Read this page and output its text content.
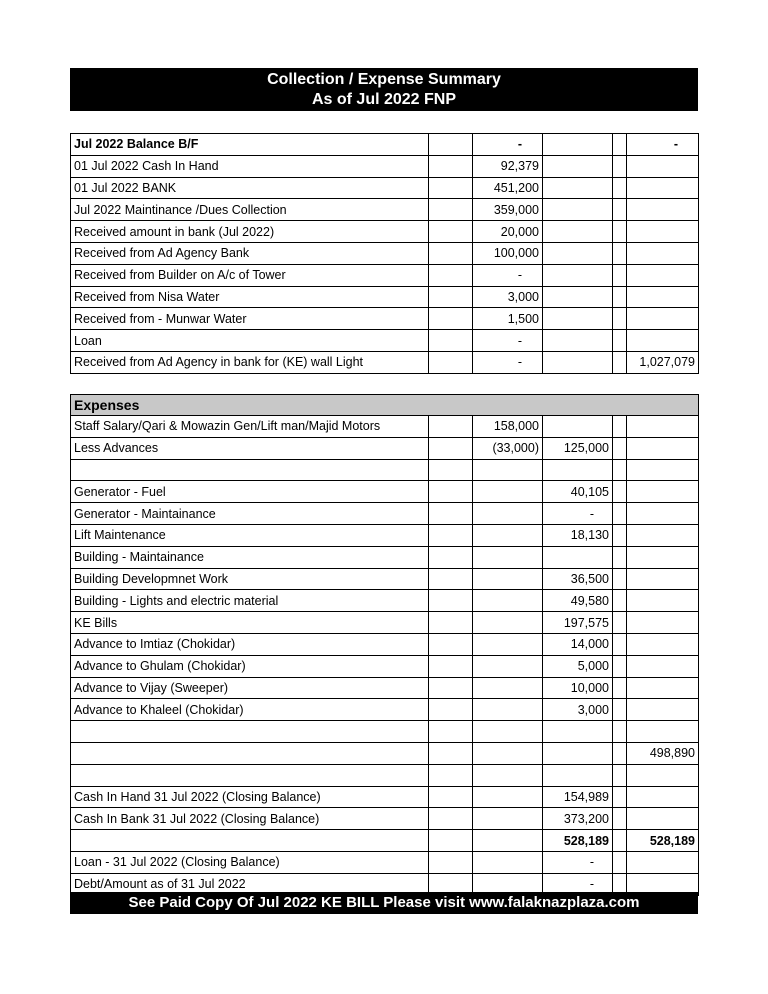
Collection / Expense Summary
As of Jul 2022 FNP
Jul 2022 Balance B/F		-			-
01 Jul 2022 Cash In Hand		92,379			
01 Jul 2022 BANK		451,200			
Jul 2022 Maintinance /Dues Collection		359,000			
Received amount in bank (Jul 2022)		20,000			
Received from Ad Agency Bank		100,000			
Received from Builder on A/c of Tower		-			
Received from Nisa Water		3,000			
Received from - Munwar Water		1,500			
Loan		-			
Received from Ad Agency in bank for (KE) wall Light		-			1,027,079
Expenses					
Staff Salary/Qari & Mowazin Gen/Lift man/Majid Motors		158,000			
Less Advances		(33,000)	125,000		

Generator - Fuel			40,105		
Generator - Maintainance			-		
Lift Maintenance			18,130		
Building - Maintainance					
Building Developmnet Work			36,500		
Building - Lights and electric material			49,580		
KE Bills			197,575		
Advance to Imtiaz (Chokidar)			14,000		
Advance to Ghulam (Chokidar)			5,000		
Advance to Vijay (Sweeper)			10,000		
Advance to Khaleel (Chokidar)			3,000		

					498,890

Cash In Hand 31 Jul 2022 (Closing Balance)			154,989		
Cash In Bank 31 Jul 2022 (Closing Balance)			373,200		
			528,189		528,189
Loan - 31 Jul 2022 (Closing Balance)			-		
Debt/Amount as of 31 Jul 2022			-		
See Paid Copy Of Jul 2022 KE BILL Please visit www.falaknazplaza.com
